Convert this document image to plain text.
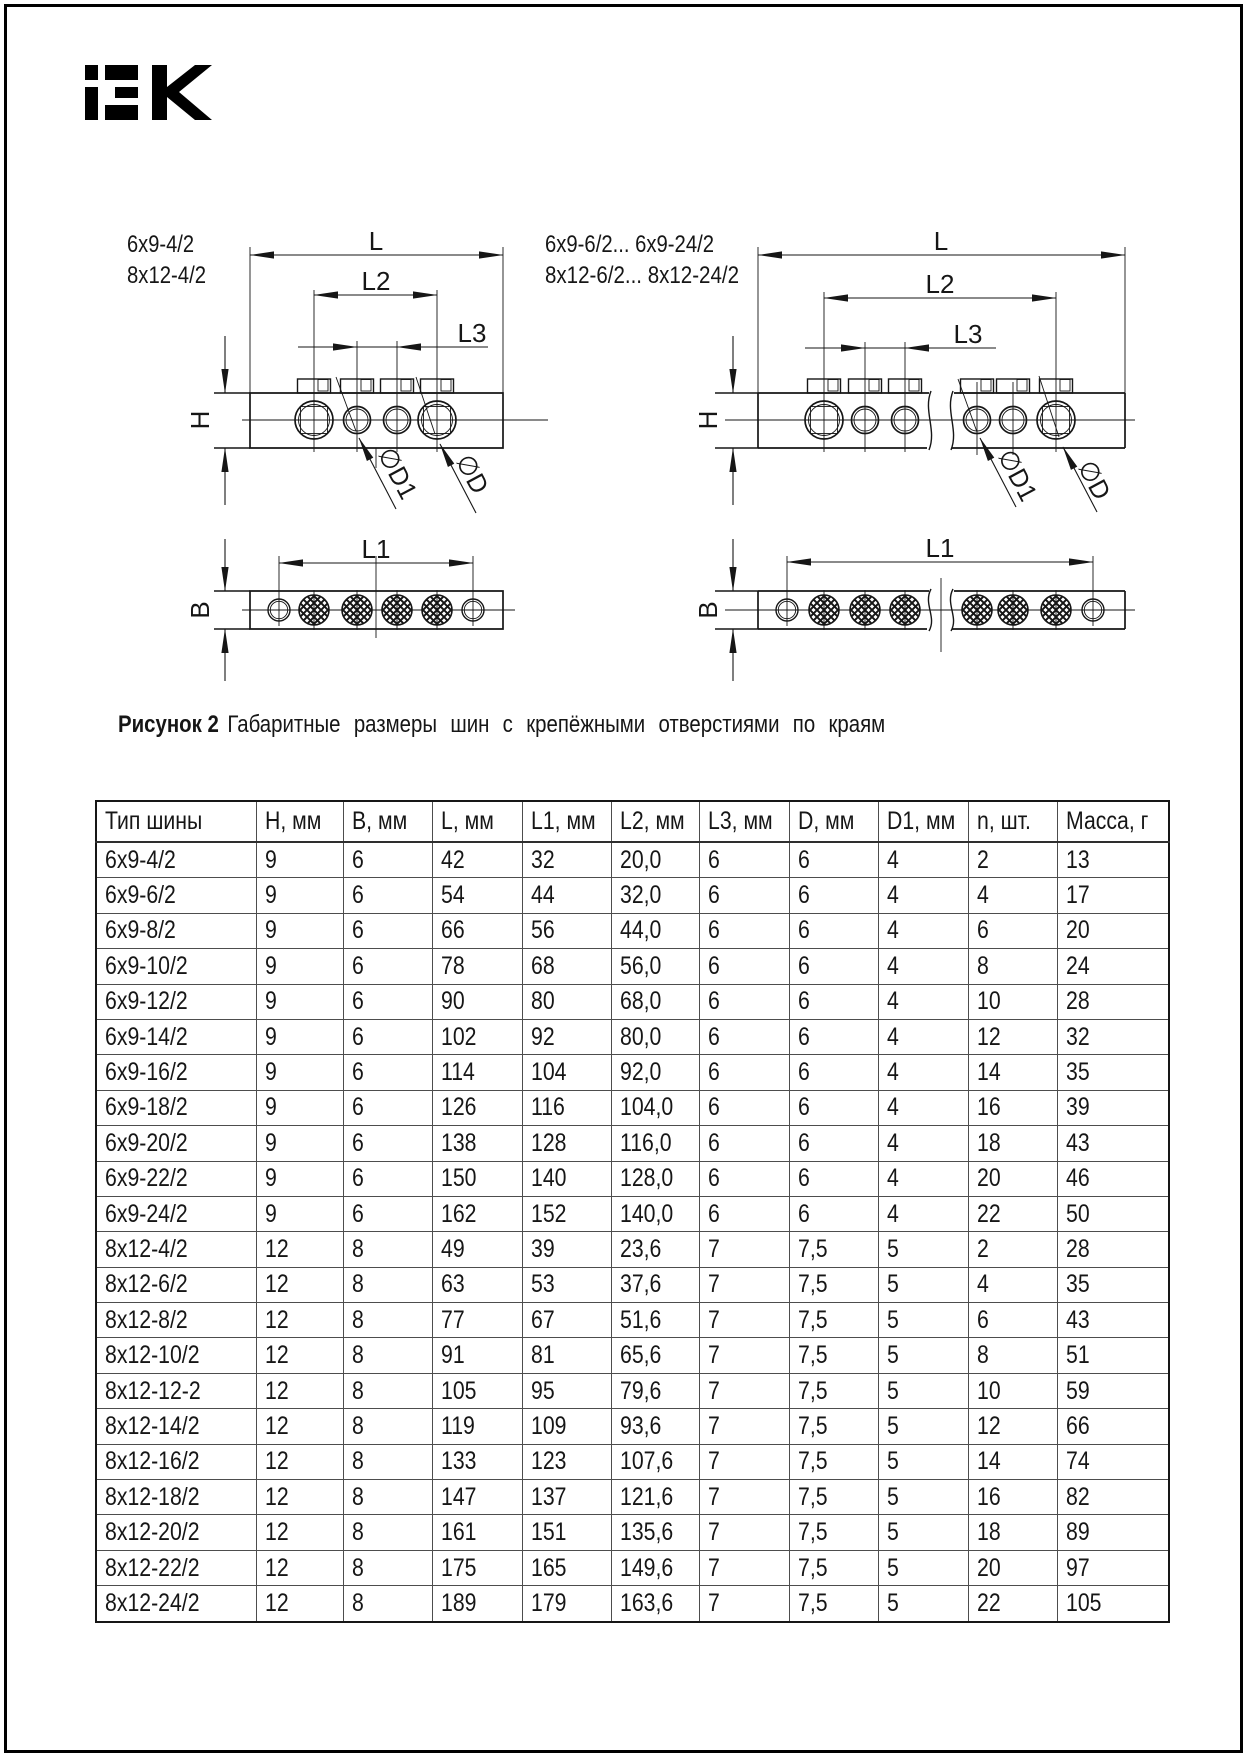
6x9-4/2
8x12-4/2
L
L2
L3
H
∅D1 ∅D
L1
B
6x9-6/2... 6x9-24/2
8x12-6/2... 8x12-24/2
L
L2
L3
H
∅D1 ∅D
L1
B
Рисунок 2 Габаритные размеры шин с крепёжными отверстиями по краям
Тип шины	Н, мм	В, мм	L, мм	L1, мм	L2, мм	L3, мм	D, мм	D1, мм	n, шт.	Масса, г
6x9-4/2	9	6	42	32	20,0	6	6	4	2	13
6x9-6/2	9	6	54	44	32,0	6	6	4	4	17
6x9-8/2	9	6	66	56	44,0	6	6	4	6	20
6x9-10/2	9	6	78	68	56,0	6	6	4	8	24
6x9-12/2	9	6	90	80	68,0	6	6	4	10	28
6x9-14/2	9	6	102	92	80,0	6	6	4	12	32
6x9-16/2	9	6	114	104	92,0	6	6	4	14	35
6x9-18/2	9	6	126	116	104,0	6	6	4	16	39
6x9-20/2	9	6	138	128	116,0	6	6	4	18	43
6x9-22/2	9	6	150	140	128,0	6	6	4	20	46
6x9-24/2	9	6	162	152	140,0	6	6	4	22	50
8x12-4/2	12	8	49	39	23,6	7	7,5	5	2	28
8x12-6/2	12	8	63	53	37,6	7	7,5	5	4	35
8x12-8/2	12	8	77	67	51,6	7	7,5	5	6	43
8x12-10/2	12	8	91	81	65,6	7	7,5	5	8	51
8x12-12-2	12	8	105	95	79,6	7	7,5	5	10	59
8x12-14/2	12	8	119	109	93,6	7	7,5	5	12	66
8x12-16/2	12	8	133	123	107,6	7	7,5	5	14	74
8x12-18/2	12	8	147	137	121,6	7	7,5	5	16	82
8x12-20/2	12	8	161	151	135,6	7	7,5	5	18	89
8x12-22/2	12	8	175	165	149,6	7	7,5	5	20	97
8x12-24/2	12	8	189	179	163,6	7	7,5	5	22	105
